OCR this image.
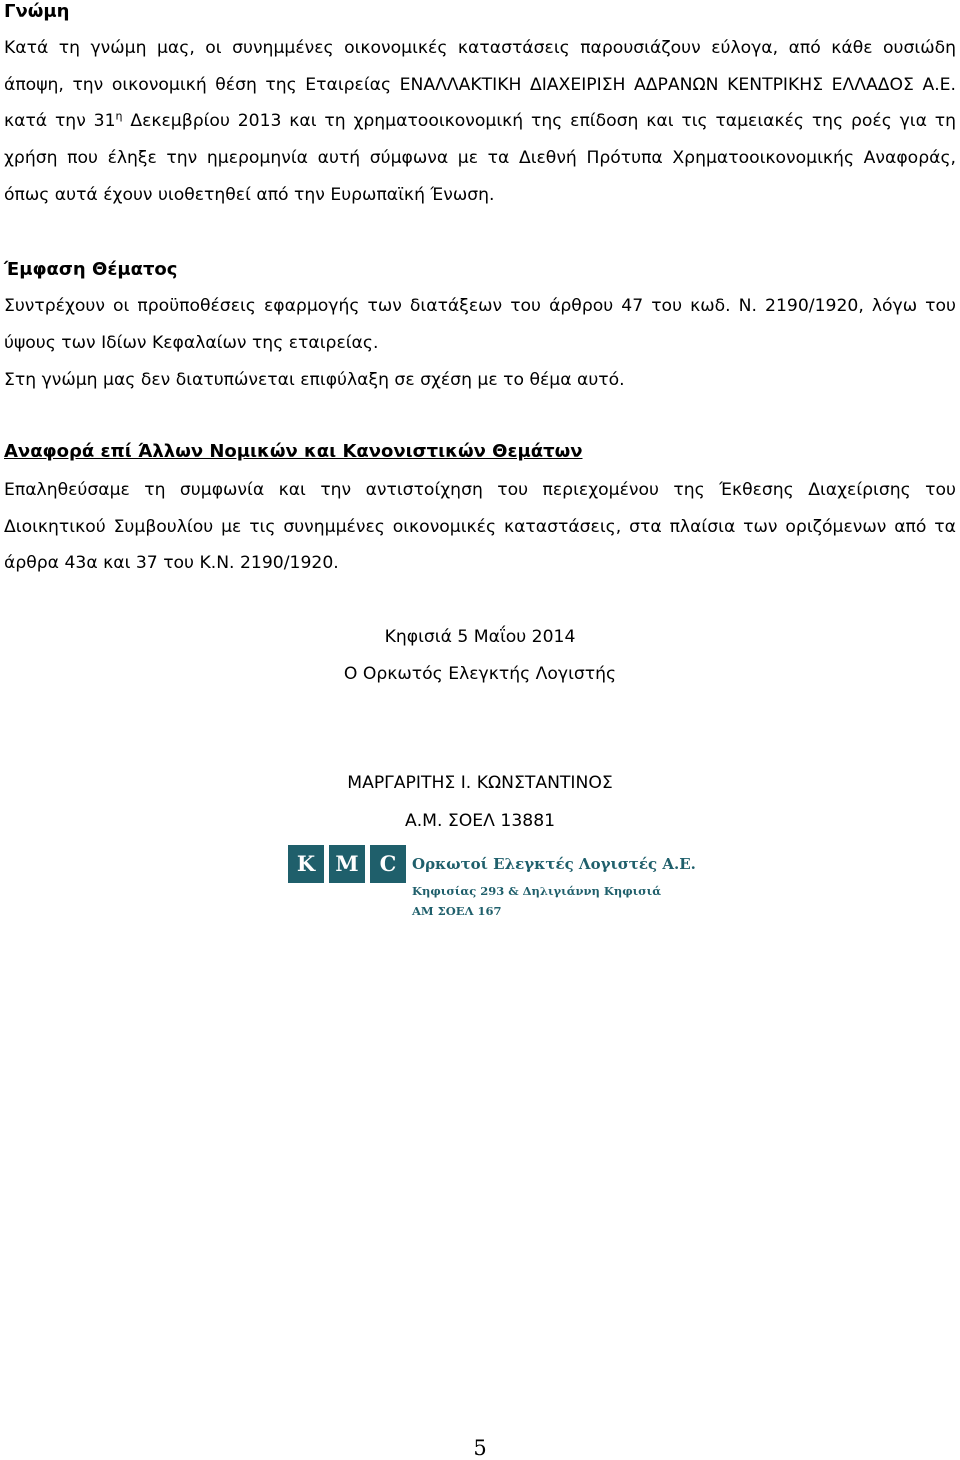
Γνώμη

Κατά τη γνώμη μας, οι συνημμένες οικονομικές καταστάσεις παρουσιάζουν εύλογα, από κάθε ουσιώδη άποψη, την οικονομική θέση της Εταιρείας ΕΝΑΛΛΑΚΤΙΚΗ ΔΙΑΧΕΙΡΙΣΗ ΑΔΡΑΝΩΝ ΚΕΝΤΡΙΚΗΣ ΕΛΛΑΔΟΣ Α.Ε. κατά την $31^\eta$ Δεκεμβρίου 2013 και τη χρηματοοικονομική της επίδοση και τις ταμειακές της ροές για τη χρήση που έληξε την ημερομηνία αυτή σύμφωνα με τα Διεθνή Πρότυπα Χρηματοοικονομικής Αναφοράς, όπως αυτά έχουν υιοθετηθεί από την Ευρωπαϊκή Ένωση.

Έμφαση Θέματος

Συντρέχουν οι προϋποθέσεις εφαρμογής των διατάξεων του άρθρου 47 του κωδ. Ν. 2190/1920, λόγω του ύψους των Ιδίων Κεφαλαίων της εταιρείας.

Στη γνώμη μας δεν διατυπώνεται επιφύλαξη σε σχέση με το θέμα αυτό.

Αναφορά επί Άλλων Νομικών και Κανονιστικών Θεμάτων

Επαληθεύσαμε τη συμφωνία και την αντιστοίχηση του περιεχομένου της Έκθεσης Διαχείρισης του Διοικητικού Συμβουλίου με τις συνημμένες οικονομικές καταστάσεις, στα πλαίσια των οριζόμενων από τα άρθρα 43α και 37 του Κ.Ν. 2190/1920.

Κηφισιά 5 Μαΐου 2014
Ο Ορκωτός Ελεγκτής Λογιστής
ΜΑΡΓΑΡΙΤΗΣ Ι. ΚΩΝΣΤΑΝΤΙΝΟΣ
Α.Μ. ΣΟΕΛ 13881
K M	C	Ορκωτοί Ελεγκτές Λογιστές Α.Ε.
Κηφισίας 293 & Δηλιγιάννη Κηφισιά
ΑΜ ΣΟΕΛ 167
5
